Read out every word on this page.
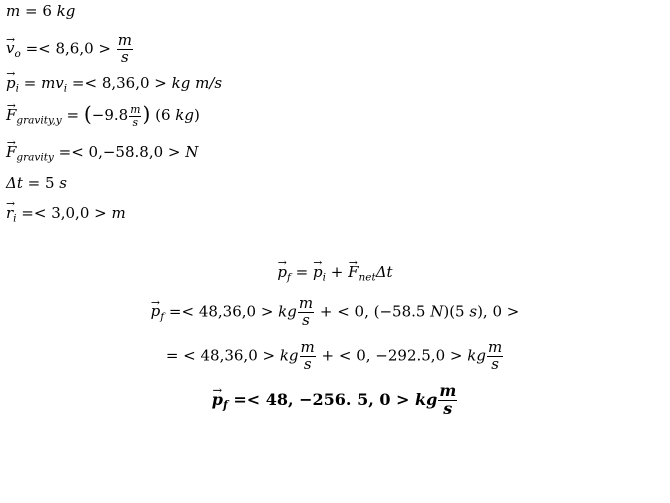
m = 6 kg
→ $v_o =< 8,6,0 > \frac{m}{s}$
→ $p_i = mv_i =< 8,36,0$ > kg m/s
→ $F_{gravity,y} = (-9.8 \frac{m}{s}$ ) (6 kg)
→ $F_{gravity} =< 0,-58.8,0 > N$
Δt = 5 s
→ $r_i =< 3,0,0 > m$
→ $p_f$ = → $p_i$ + → $F_{net}\Delta t$
→ $p_f =< 48,36,0$ > kg $\frac{m}{s}$ + < 0, (−58.5 N)(5 s), 0 >
= < 48,36,0 > kg $\frac{m}{s}$ + < 0, −292.5,0 > kg $\frac{m}{s}$
→ $p_f =< 48$, −256. 5, 0 > kg $\frac{m}{s}$
